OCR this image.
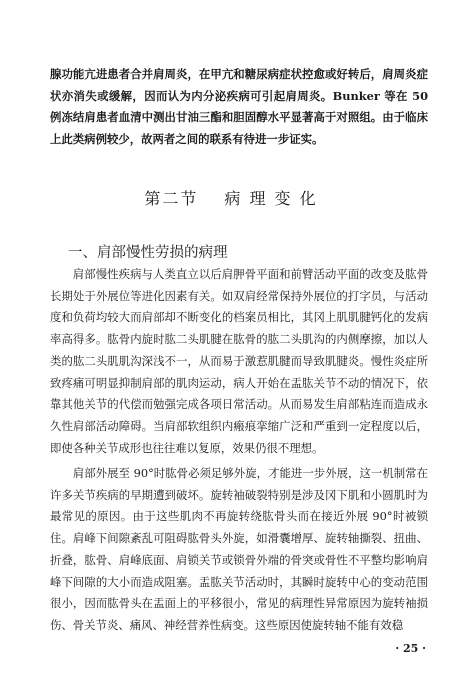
腺功能亢进患者合并肩周炎，在甲亢和糖尿病症状控愈或好转后，肩周炎症状亦消失或缓解，因而认为内分泌疾病可引起肩周炎。Bunker 等在 50 例冻结肩患者血清中测出甘油三酯和胆固醇水平显著高于对照组。由于临床上此类病例较少，故两者之间的联系有待进一步证实。

第二节 病 理 变 化
一、肩部慢性劳损的病理

肩部慢性疾病与人类直立以后肩胛骨平面和前臂活动平面的改变及肱骨长期处于外展位等进化因素有关。如双肩经常保持外展位的打字员，与活动度和负荷均较大而肩部却不断变化的档案员相比，其冈上肌肌腱钙化的发病率高得多。肱骨内旋时肱二头肌腱在肱骨的肱二头肌沟的内侧摩擦，加以人类的肱二头肌肌沟深浅不一，从而易于激惹肌腱而导致肌腱炎。慢性炎症所致疼痛可明显抑制肩部的肌肉运动，病人开始在盂肱关节不动的情况下，依靠其他关节的代偿而勉强完成各项日常活动。从而易发生肩部粘连而造成永久性肩部活动障碍。当肩部软组织内瘢痕挛缩广泛和严重到一定程度以后，即使各种关节成形也往往难以复原，效果仍很不理想。

肩部外展至 90°时肱骨必须足够外旋，才能进一步外展，这一机制常在许多关节疾病的早期遭到破坏。旋转袖破裂特别是涉及冈下肌和小圆肌时为最常见的原因。由于这些肌肉不再旋转绕肱骨头而在接近外展 90°时被锁住。肩峰下间隙紊乱可阻碍肱骨头外旋，如滑囊增厚、旋转轴撕裂、扭曲、折叠，肱骨、肩峰底面、肩锁关节或锁骨外端的骨突或骨性不平整均影响肩峰下间隙的大小而造成阻塞。盂肱关节活动时，其瞬时旋转中心的变动范围很小，因而肱骨头在盂面上的平移很小，常见的病理性异常原因为旋转袖损伤、骨关节炎、痛风、神经营养性病变。这些原因使旋转轴不能有效稳

· 25 ·
